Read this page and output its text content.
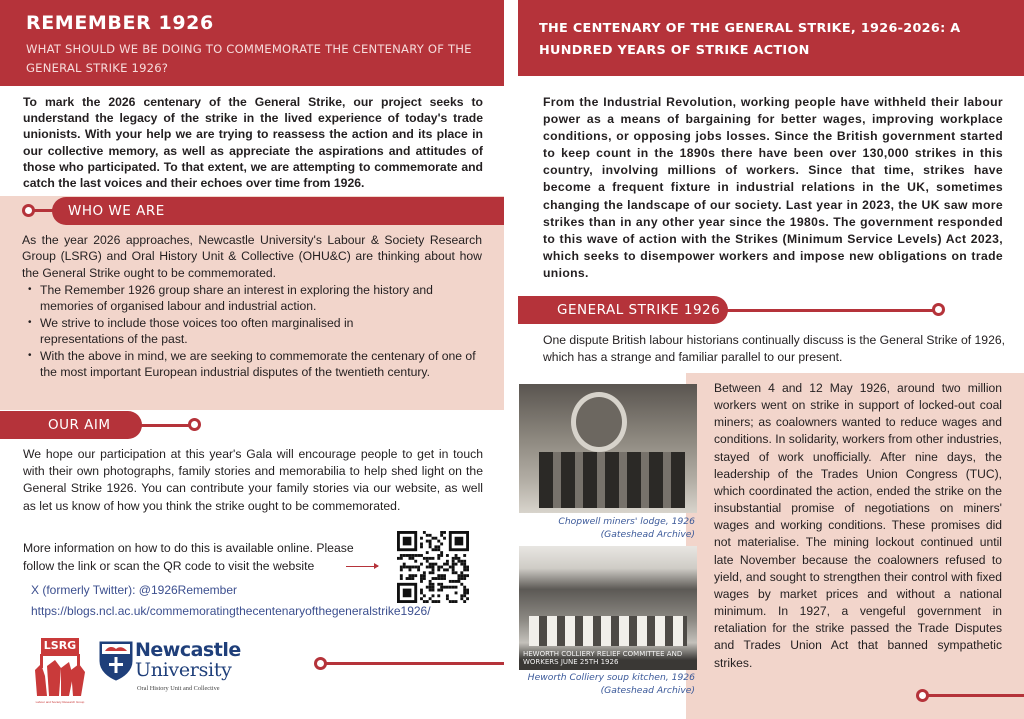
REMEMBER 1926
WHAT SHOULD WE BE DOING TO COMMEMORATE THE CENTENARY OF THE GENERAL STRIKE 1926?
To mark the 2026 centenary of the General Strike, our project seeks to understand the legacy of the strike in the lived experience of today's trade unionists. With your help we are trying to reassess the action and its place in our collective memory, as well as appreciate the aspirations and attitudes of those who participated. To that extent, we are attempting to commemorate and catch the last voices and their echoes over time from 1926.
WHO WE ARE
As the year 2026 approaches, Newcastle University's Labour & Society Research Group (LSRG) and Oral History Unit & Collective (OHU&C) are thinking about how the General Strike ought to be commemorated.
• The Remember 1926 group share an interest in exploring the history and memories of organised labour and industrial action.
• We strive to include those voices too often marginalised in representations of the past.
• With the above in mind, we are seeking to commemorate the centenary of one of the most important European industrial disputes of the twentieth century.
OUR AIM
We hope our participation at this year's Gala will encourage people to get in touch with their own photographs, family stories and memorabilia to help shed light on the General Strike 1926. You can contribute your family stories via our website, as well as let us know of how you think the strike ought to be commemorated.
More information on how to do this is available online. Please
follow the link or scan the QR code to visit the website
X (formerly Twitter): @1926Remember
https://blogs.ncl.ac.uk/commemoratingthecentenaryofthegeneralstrike1926/
LSRG
Labour and Society Research Group
Newcastle
University
Oral History Unit and Collective
THE CENTENARY OF THE GENERAL STRIKE, 1926-2026: A HUNDRED YEARS OF STRIKE ACTION
From the Industrial Revolution, working people have withheld their labour power as a means of bargaining for better wages, improving workplace conditions, or opposing jobs losses. Since the British government started to keep count in the 1890s there have been over 130,000 strikes in this country, involving millions of workers. Since that time, strikes have become a frequent fixture in industrial relations in the UK, sometimes changing the landscape of our society. Last year in 2023, the UK saw more strikes than in any other year since the 1980s. The government responded to this wave of action with the Strikes (Minimum Service Levels) Act 2023, which seeks to disempower workers and impose new obligations on trade unions.
GENERAL STRIKE 1926
One dispute British labour historians continually discuss is the General Strike of 1926, which has a strange and familiar parallel to our present.
Chopwell miners' lodge, 1926
(Gateshead Archive)
HEWORTH COLLIERY RELIEF COMMITTEE AND WORKERS JUNE 25TH 1926
Heworth Colliery soup kitchen, 1926
(Gateshead Archive)
Between 4 and 12 May 1926, around two million workers went on strike in support of locked-out coal miners; as coalowners wanted to reduce wages and conditions. In solidarity, workers from other industries, stayed of work unofficially. After nine days, the leadership of the Trades Union Congress (TUC), which coordinated the action, ended the strike on the insubstantial promise of negotiations on miners' wages and working conditions. These promises did not materialise. The mining lockout continued until late November because the coalowners refused to yield, and sought to strengthen their control with fixed wages by market prices and without a national minimum. In 1927, a vengeful government in retaliation for the strike passed the Trade Disputes and Trades Union Act that banned sympathetic strikes.
